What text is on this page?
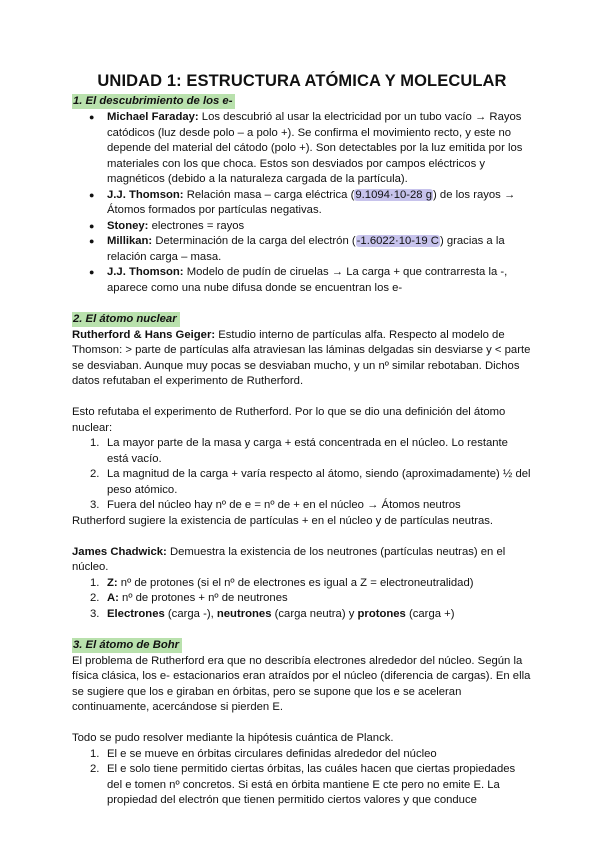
UNIDAD 1: ESTRUCTURA ATÓMICA Y MOLECULAR
1. El descubrimiento de los e-
● Michael Faraday: Los descubrió al usar la electricidad por un tubo vacío → Rayos catódicos (luz desde polo – a polo +). Se confirma el movimiento recto, y este no depende del material del cátodo (polo +). Son detectables por la luz emitida por los materiales con los que choca. Estos son desviados por campos eléctricos y magnéticos (debido a la naturaleza cargada de la partícula).
● J.J. Thomson: Relación masa – carga eléctrica (9.1094·10-28 g) de los rayos → Átomos formados por partículas negativas.
● Stoney: electrones = rayos
● Millikan: Determinación de la carga del electrón (-1.6022·10-19 C) gracias a la relación carga – masa.
● J.J. Thomson: Modelo de pudín de ciruelas → La carga + que contrarresta la -, aparece como una nube difusa donde se encuentran los e-
2. El átomo nuclear

Rutherford & Hans Geiger: Estudio interno de partículas alfa. Respecto al modelo de Thomson: > parte de partículas alfa atraviesan las láminas delgadas sin desviarse y < parte se desviaban. Aunque muy pocas se desviaban mucho, y un nº similar rebotaban. Dichos datos refutaban el experimento de Rutherford.

Esto refutaba el experimento de Rutherford. Por lo que se dio una definición del átomo nuclear:

1. La mayor parte de la masa y carga + está concentrada en el núcleo. Lo restante está vacío.
2. La magnitud de la carga + varía respecto al átomo, siendo (aproximadamente) ½ del peso atómico.
3. Fuera del núcleo hay nº de e = nº de + en el núcleo → Átomos neutros

Rutherford sugiere la existencia de partículas + en el núcleo y de partículas neutras.

James Chadwick: Demuestra la existencia de los neutrones (partículas neutras) en el núcleo.

1. Z: nº de protones (si el nº de electrones es igual a Z = electroneutralidad)
2. A: nº de protones + nº de neutrones
3. Electrones (carga -), neutrones (carga neutra) y protones (carga +)
3. El átomo de Bohr

El problema de Rutherford era que no describía electrones alrededor del núcleo. Según la física clásica, los e- estacionarios eran atraídos por el núcleo (diferencia de cargas). En ella se sugiere que los e giraban en órbitas, pero se supone que los e se aceleran continuamente, acercándose si pierden E.

Todo se pudo resolver mediante la hipótesis cuántica de Planck.

1. El e se mueve en órbitas circulares definidas alrededor del núcleo
2. El e solo tiene permitido ciertas órbitas, las cuáles hacen que ciertas propiedades del e tomen nº concretos. Si está en órbita mantiene E cte pero no emite E. La propiedad del electrón que tienen permitido ciertos valores y que conduce
